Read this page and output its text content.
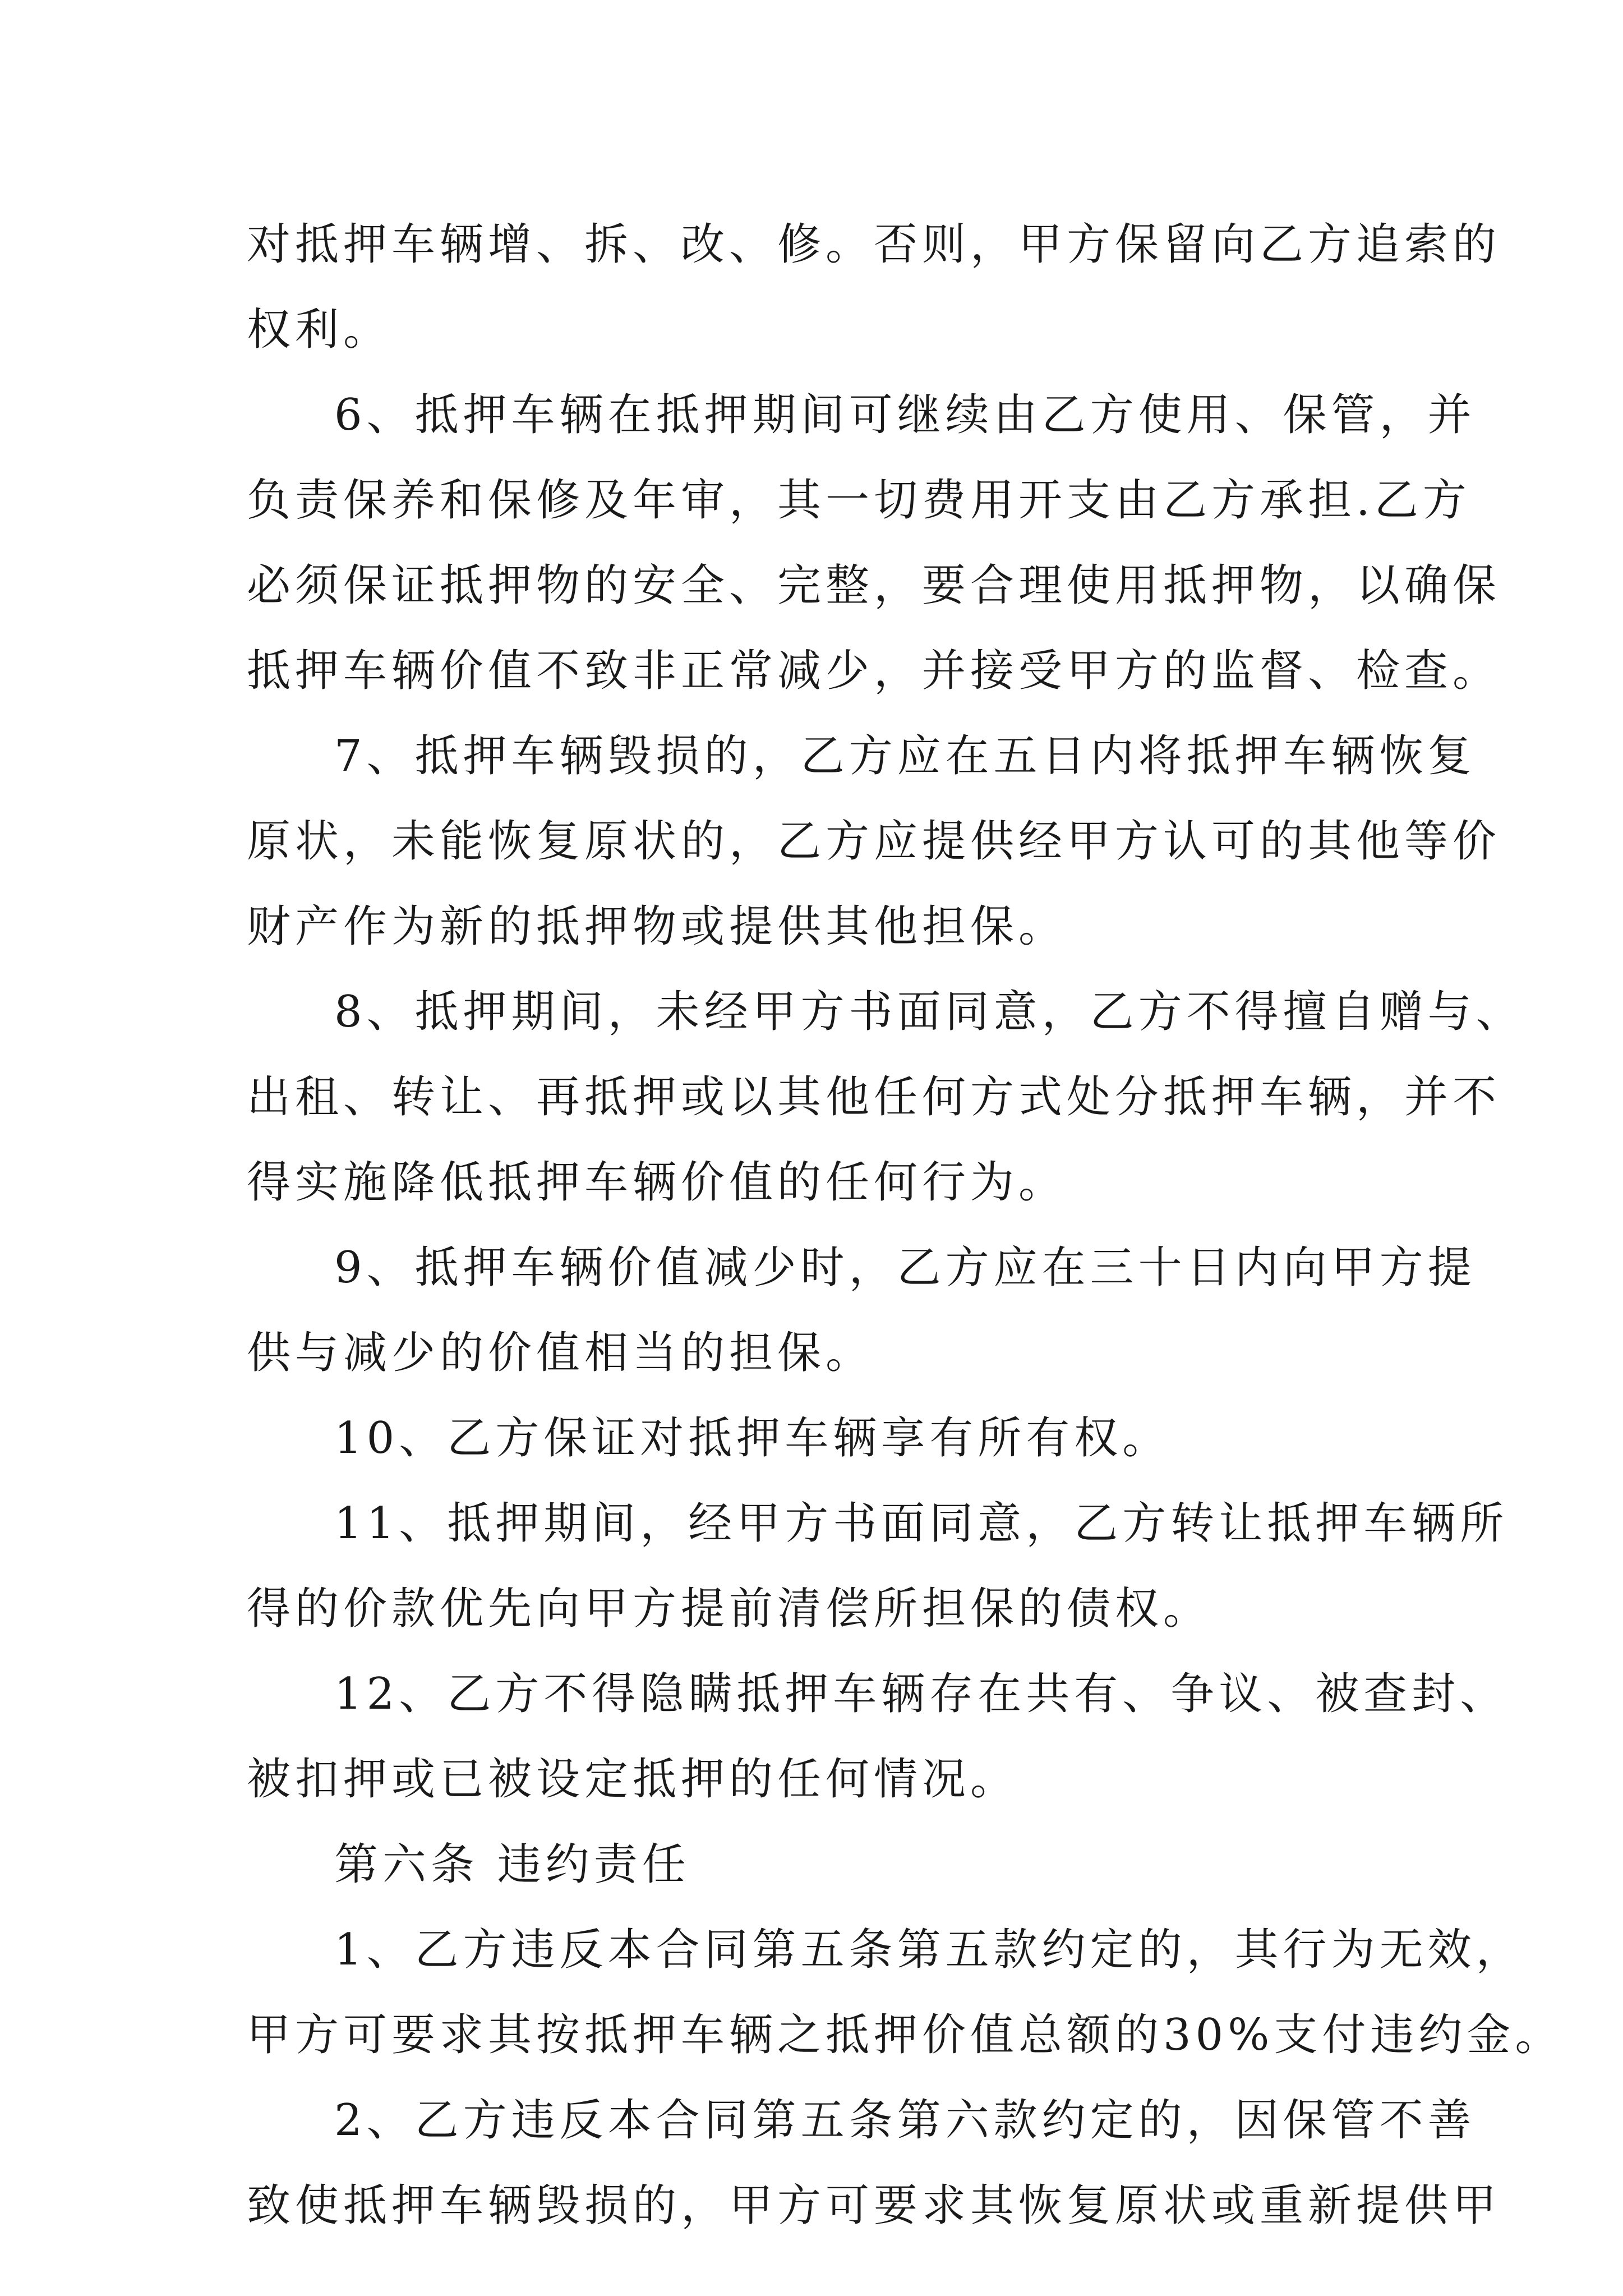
对抵押车辆增、拆、改、修。否则，甲方保留向乙方追索的
权利。
6、抵押车辆在抵押期间可继续由乙方使用、保管，并
负责保养和保修及年审，其一切费用开支由乙方承担.乙方
必须保证抵押物的安全、完整，要合理使用抵押物，以确保
抵押车辆价值不致非正常减少，并接受甲方的监督、检查。
7、抵押车辆毁损的，乙方应在五日内将抵押车辆恢复
原状，未能恢复原状的，乙方应提供经甲方认可的其他等价
财产作为新的抵押物或提供其他担保。
8、抵押期间，未经甲方书面同意，乙方不得擅自赠与、
出租、转让、再抵押或以其他任何方式处分抵押车辆，并不
得实施降低抵押车辆价值的任何行为。
9、抵押车辆价值减少时，乙方应在三十日内向甲方提
供与减少的价值相当的担保。
10、乙方保证对抵押车辆享有所有权。
11、抵押期间，经甲方书面同意，乙方转让抵押车辆所
得的价款优先向甲方提前清偿所担保的债权。
12、乙方不得隐瞒抵押车辆存在共有、争议、被查封、
被扣押或已被设定抵押的任何情况。
第六条 违约责任
1、乙方违反本合同第五条第五款约定的，其行为无效，
甲方可要求其按抵押车辆之抵押价值总额的30%支付违约金。
2、乙方违反本合同第五条第六款约定的，因保管不善
致使抵押车辆毁损的，甲方可要求其恢复原状或重新提供甲
